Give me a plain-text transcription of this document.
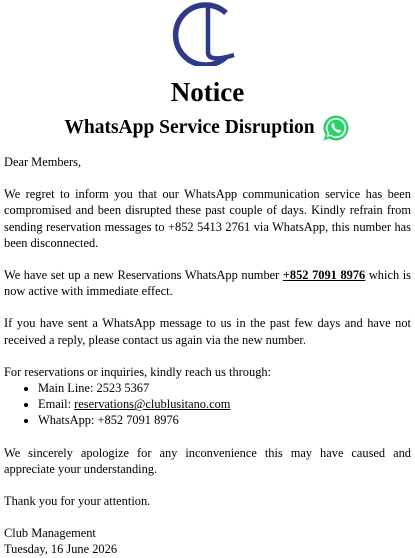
Notice
WhatsApp Service Disruption

Dear Members,

We regret to inform you that our WhatsApp communication service has been compromised and been disrupted these past couple of days. Kindly refrain from sending reservation messages to +852 5413 2761 via WhatsApp, this number has been disconnected.

We have set up a new Reservations WhatsApp number +852 7091 8976 which is now active with immediate effect.

If you have sent a WhatsApp message to us in the past few days and have not received a reply, please contact us again via the new number.

For reservations or inquiries, kindly reach us through:

• Main Line: 2523 5367
• Email: reservations@clublusitano.com
• WhatsApp: +852 7091 8976

We sincerely apologize for any inconvenience this may have caused and appreciate your understanding.

Thank you for your attention.

Club Management

Tuesday, 16 June 2026
